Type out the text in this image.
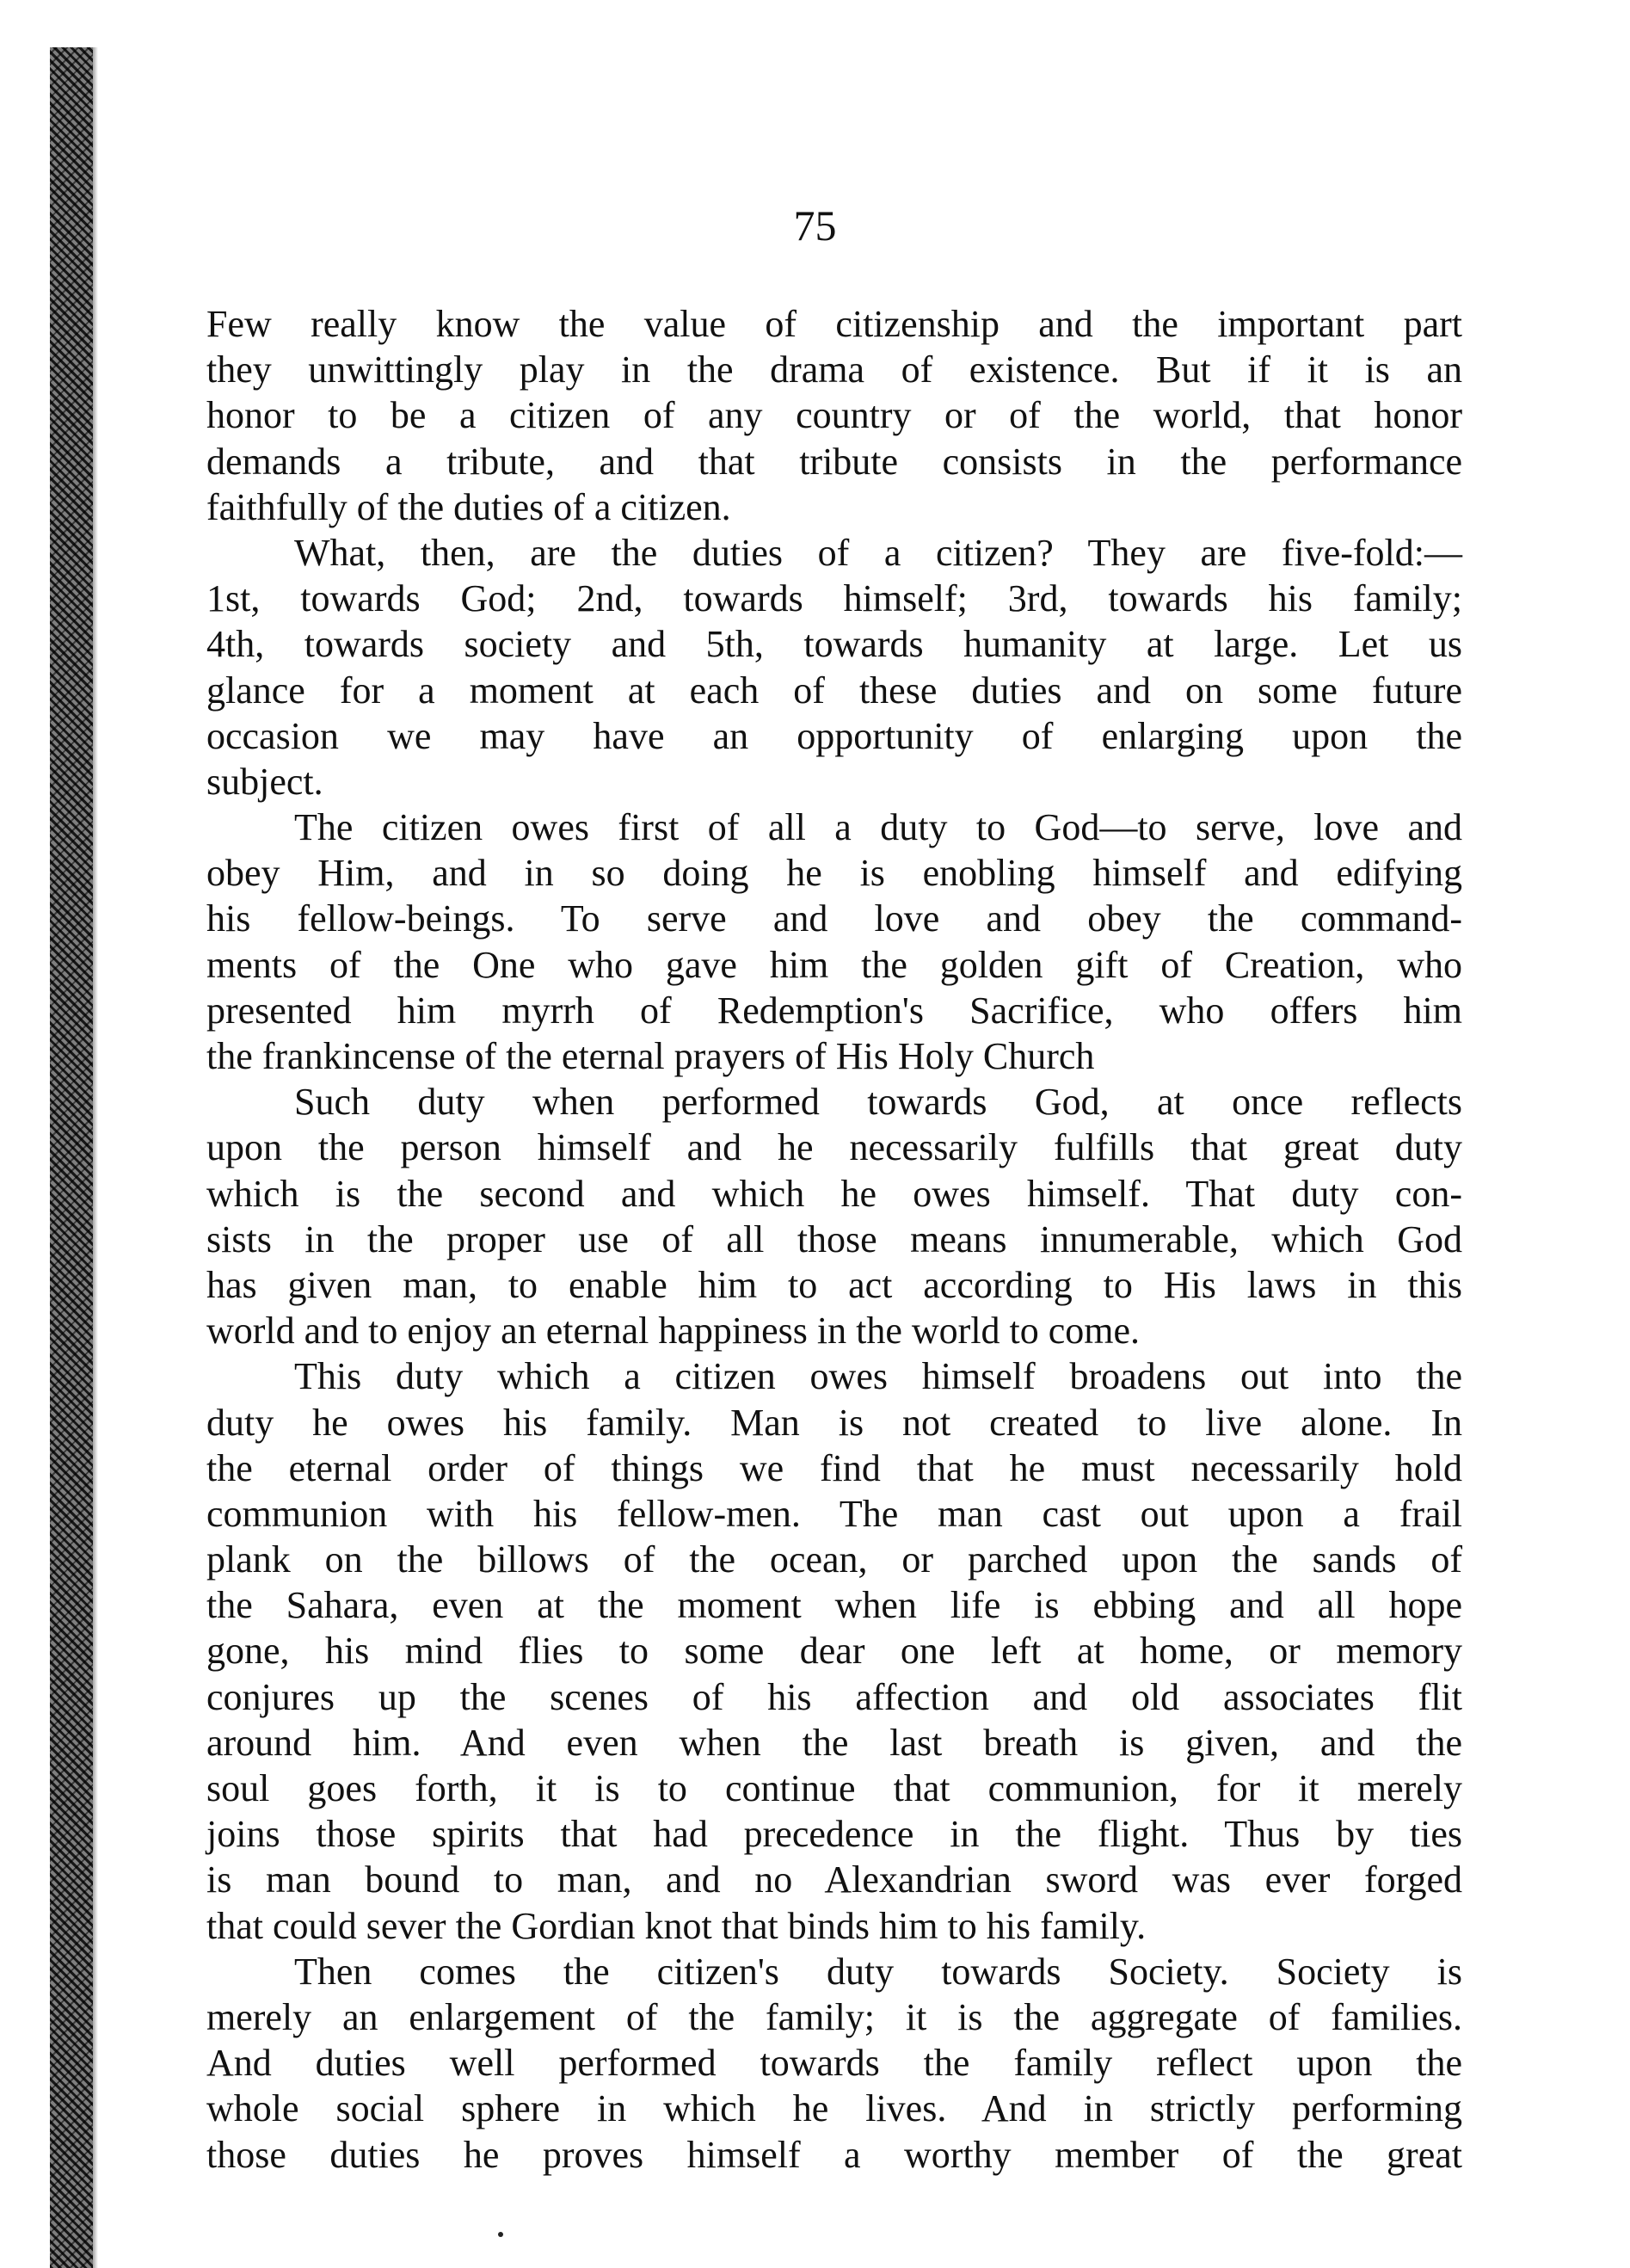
75
Few really know the value of citizenship and the important part
they unwittingly play in the drama of existence. But if it is an
honor to be a citizen of any country or of the world, that honor
demands a tribute, and that tribute consists in the performance
faithfully of the duties of a citizen.
What, then, are the duties of a citizen? They are five-fold:—
1st, towards God; 2nd, towards himself; 3rd, towards his family;
4th, towards society and 5th, towards humanity at large. Let us
glance for a moment at each of these duties and on some future
occasion we may have an opportunity of enlarging upon the
subject.
The citizen owes first of all a duty to God—to serve, love and
obey Him, and in so doing he is enobling himself and edifying
his fellow-beings. To serve and love and obey the command-
ments of the One who gave him the golden gift of Creation, who
presented him myrrh of Redemption's Sacrifice, who offers him
the frankincense of the eternal prayers of His Holy Church
Such duty when performed towards God, at once reflects
upon the person himself and he necessarily fulfills that great duty
which is the second and which he owes himself. That duty con-
sists in the proper use of all those means innumerable, which God
has given man, to enable him to act according to His laws in this
world and to enjoy an eternal happiness in the world to come.
This duty which a citizen owes himself broadens out into the
duty he owes his family. Man is not created to live alone. In
the eternal order of things we find that he must necessarily hold
communion with his fellow-men. The man cast out upon a frail
plank on the billows of the ocean, or parched upon the sands of
the Sahara, even at the moment when life is ebbing and all hope
gone, his mind flies to some dear one left at home, or memory
conjures up the scenes of his affection and old associates flit
around him. And even when the last breath is given, and the
soul goes forth, it is to continue that communion, for it merely
joins those spirits that had precedence in the flight. Thus by ties
is man bound to man, and no Alexandrian sword was ever forged
that could sever the Gordian knot that binds him to his family.
Then comes the citizen's duty towards Society. Society is
merely an enlargement of the family; it is the aggregate of families.
And duties well performed towards the family reflect upon the
whole social sphere in which he lives. And in strictly performing
those duties he proves himself a worthy member of the great
